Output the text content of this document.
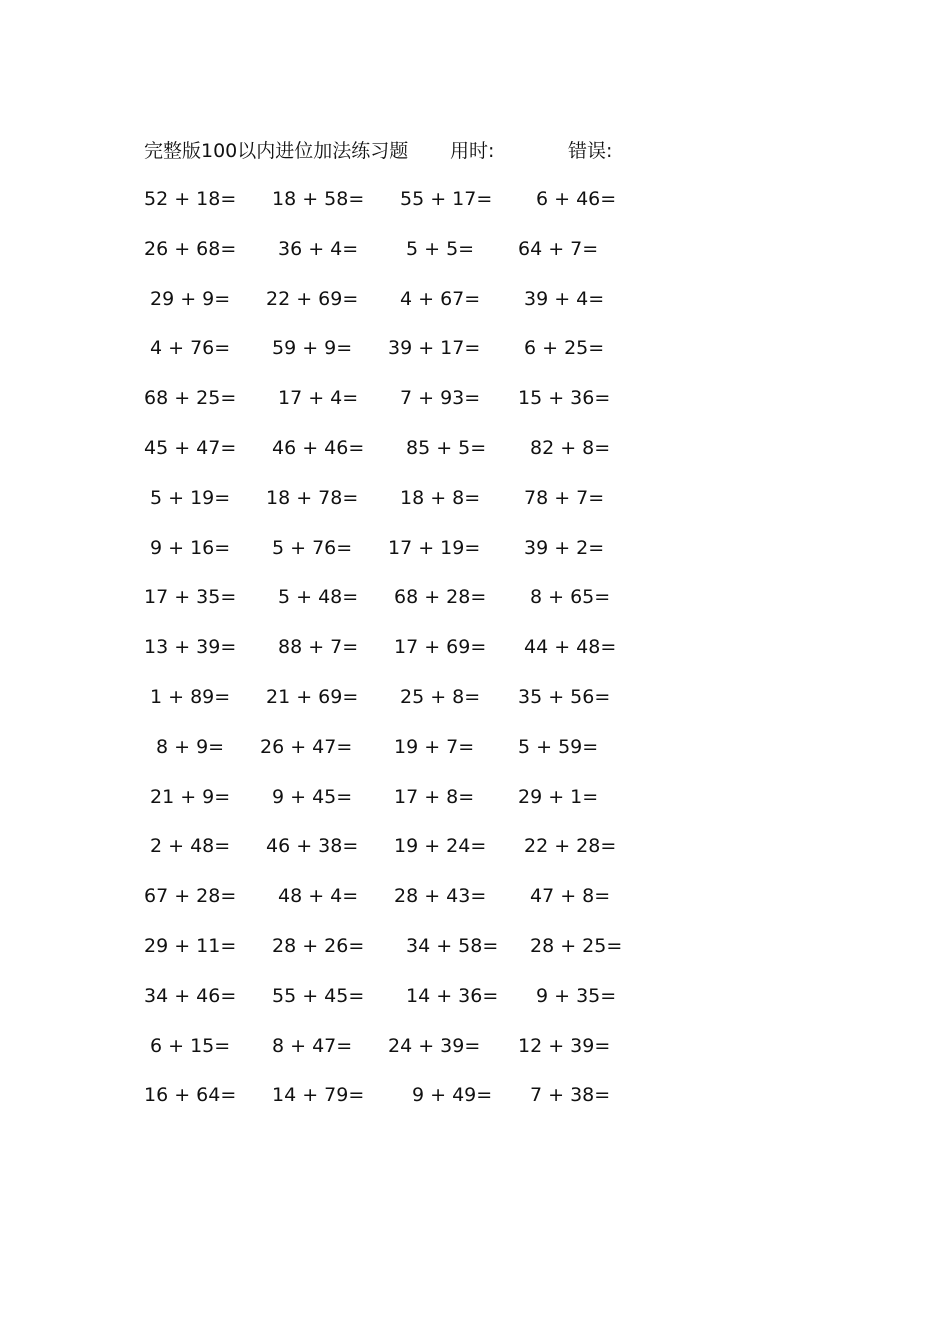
完整版100以内进位加法练习题 用时:	错误:
52 + 18= 18 + 58= 55 + 17= 6 + 46=
26 + 68= 36 + 4=	5 + 5= 64 + 7=
29 + 9= 22 + 69= 4 + 67= 39 + 4=
4 + 76= 59 + 9= 39 + 17= 6 + 25=
68 + 25= 17 + 4= 7 + 93= 15 + 36=
45 + 47= 46 + 46= 85 + 5= 82 + 8=
5 + 19= 18 + 78= 18 + 8= 78 + 7=
9 + 16= 5 + 76= 17 + 19= 39 + 2=
17 + 35= 5 + 48= 68 + 28= 8 + 65=
13 + 39= 88 + 7= 17 + 69= 44 + 48=
1 + 89= 21 + 69= 25 + 8= 35 + 56=
8 + 9= 26 + 47= 19 + 7= 5 + 59=
21 + 9= 9 + 45= 17 + 8= 29 + 1=
2 + 48= 46 + 38= 19 + 24= 22 + 28=
67 + 28= 48 + 4= 28 + 43= 47 + 8=
29 + 11= 28 + 26= 34 + 58= 28 + 25=
34 + 46= 55 + 45= 14 + 36= 9 + 35=
6 + 15= 8 + 47= 24 + 39= 12 + 39=
16 + 64= 14 + 79=	9 + 49= 7 + 38=
